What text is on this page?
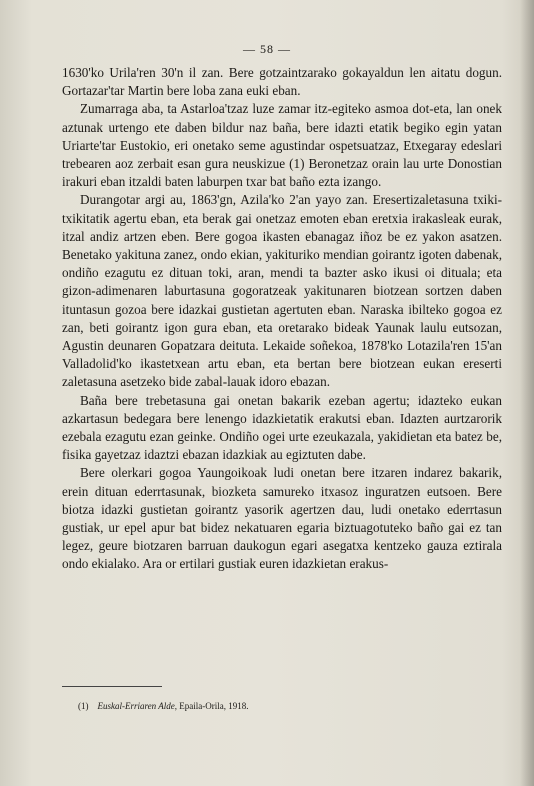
— 58 —

1630'ko Urila'ren 30'n il zan. Bere gotzaintzarako gokayaldun len aitatu dogun. Gortazar'tar Martin bere loba zana euki eban.

Zumarraga aba, ta Astarloa'tzaz luze zamar itz-egiteko asmoa dot-eta, lan onek aztunak urtengo ete daben bildur naz baña, bere idazti etatik begiko egin yatan Uriarte'tar Eustokio, eri onetako seme agustindar ospetsuatzaz, Etxegaray edeslari trebearen aoz zerbait esan gura neuskizue (1) Beronetzaz orain lau urte Donostian irakuri eban itzaldi baten laburpen txar bat baño ezta izango.

Durangotar argi au, 1863'gn, Azila'ko 2'an yayo zan. Eresertizaletasuna txiki-txikitatik agertu eban, eta berak gai onetzaz emoten eban eretxia irakasleak eurak, itzal andiz artzen eben. Bere gogoa ikasten ebanagaz iñoz be ez yakon asatzen. Benetako yakituna zanez, ondo ekian, yakituriko mendian goirantz igoten dabenak, ondiño ezagutu ez dituan toki, aran, mendi ta bazter asko ikusi oi dituala; eta gizon-adimenaren laburtasuna gogoratzeak yakitunaren biotzean sortzen daben ituntasun gozoa bere idazkai gustietan agertuten eban. Naraska ibilteko gogoa ez zan, beti goirantz igon gura eban, eta oretarako bideak Yaunak laulu eutsozan, Agustin deunaren Gopatzara deituta. Lekaide soñekoa, 1878'ko Lotazila'ren 15'an Valladolid'ko ikastetxean artu eban, eta bertan bere biotzean eukan ereserti zaletasuna asetzeko bide zabal-lauak idoro ebazan.

Baña bere trebetasuna gai onetan bakarik ezeban agertu; idazteko eukan azkartasun bedegara bere lenengo idazkietatik erakutsi eban. Idazten aurtzarorik ezebala ezagutu ezan geinke. Ondiño ogei urte ezeukazala, yakidietan eta batez be, fisika gayetzaz idaztzi ebazan idazkiak au egiztuten dabe.

Bere olerkari gogoa Yaungoikoak ludi onetan bere itzaren indarez bakarik, erein dituan ederrtasunak, biozketa samureko itxasoz inguratzen eutsoen. Bere biotza idazki gustietan goirantz yasorik agertzen dau, ludi onetako ederrtasun gustiak, ur epel apur bat bidez nekatuaren egaria biztuagotuteko baño gai ez tan legez, geure biotzaren barruan daukogun egari asegatxa kentzeko gauza eztirala ondo ekialako. Ara or ertilari gustiak euren idazkietan erakus-

(1) Euskal-Erriaren Alde, Epaila-Orila, 1918.
